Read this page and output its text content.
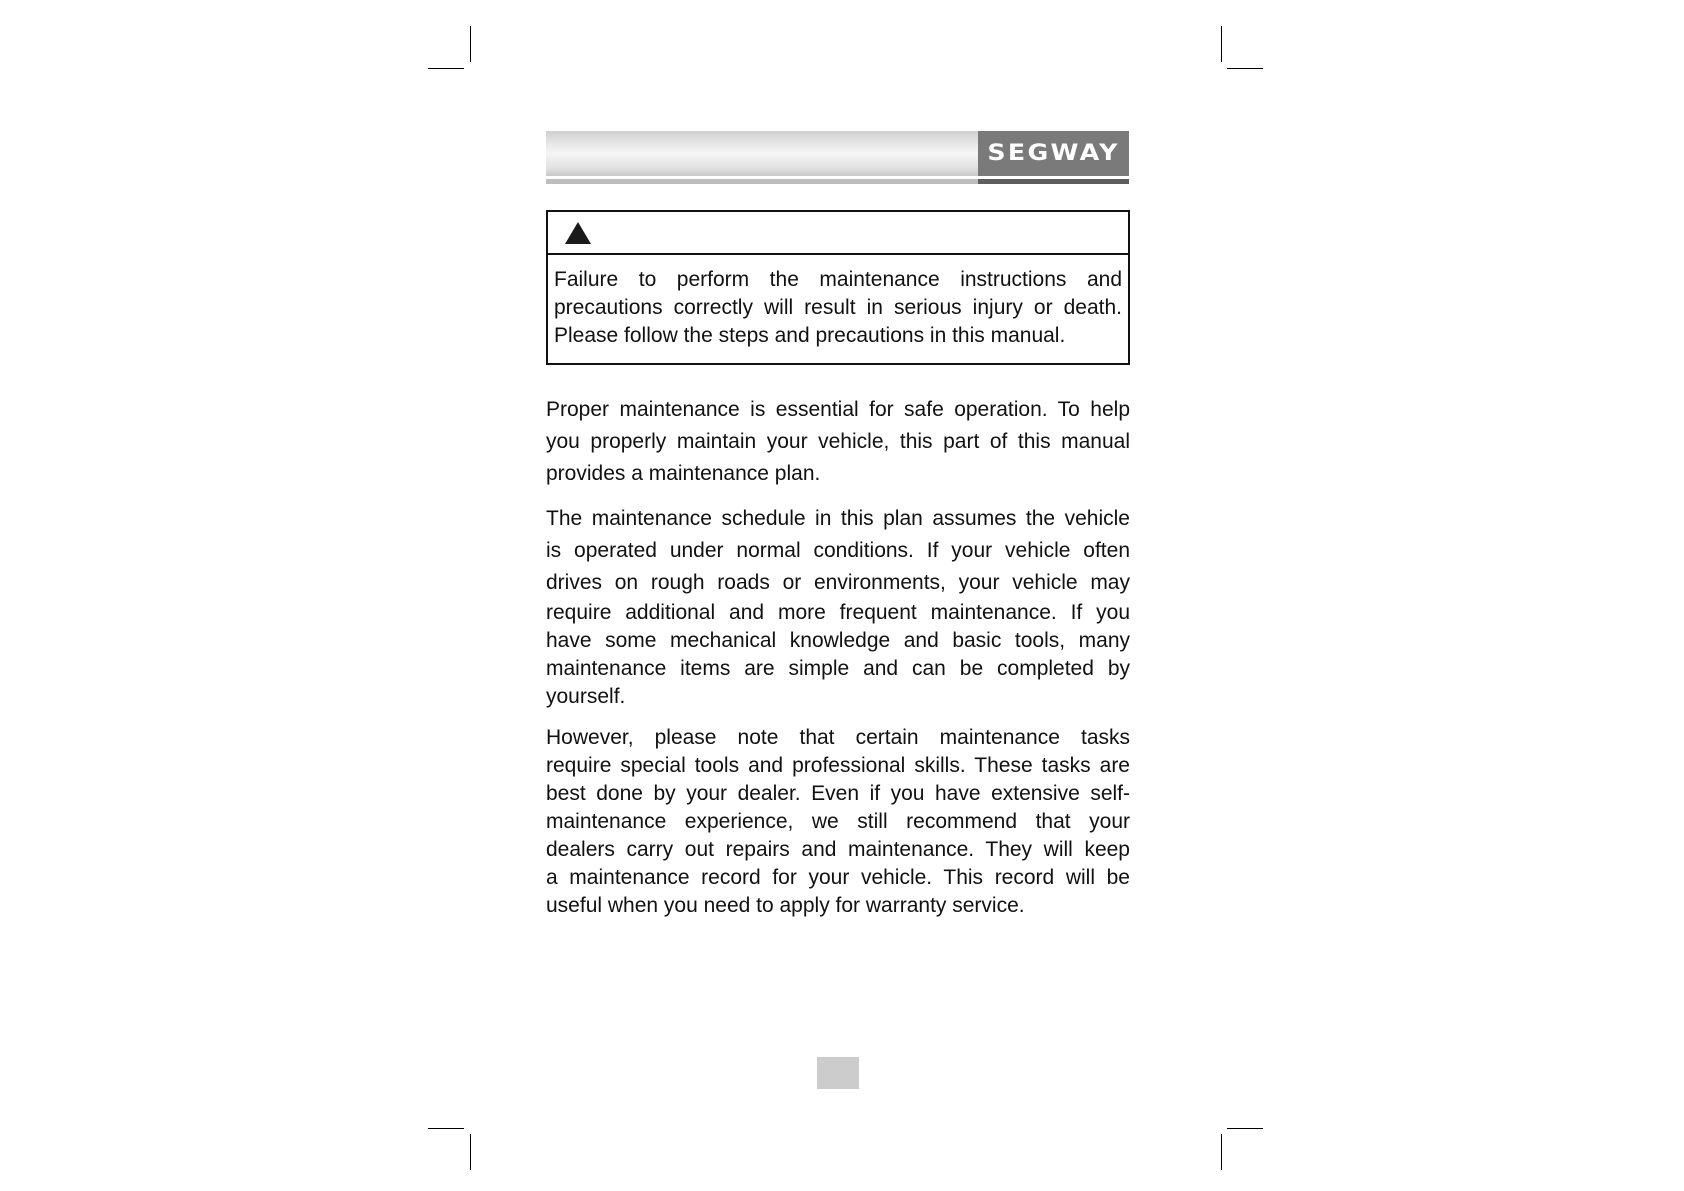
SEGWAY
Failure to perform the maintenance instructions and
precautions correctly will result in serious injury or death.
Please follow the steps and precautions in this manual.

Proper maintenance is essential for safe operation. To help
you properly maintain your vehicle, this part of this manual
provides a maintenance plan.

The maintenance schedule in this plan assumes the vehicle
is operated under normal conditions. If your vehicle often
drives on rough roads or environments, your vehicle may
require additional and more frequent maintenance. If you
have some mechanical knowledge and basic tools, many
maintenance items are simple and can be completed by
yourself.

However, please note that certain maintenance tasks
require special tools and professional skills. These tasks are
best done by your dealer. Even if you have extensive self-
maintenance experience, we still recommend that your
dealers carry out repairs and maintenance. They will keep
a maintenance record for your vehicle. This record will be
useful when you need to apply for warranty service.
